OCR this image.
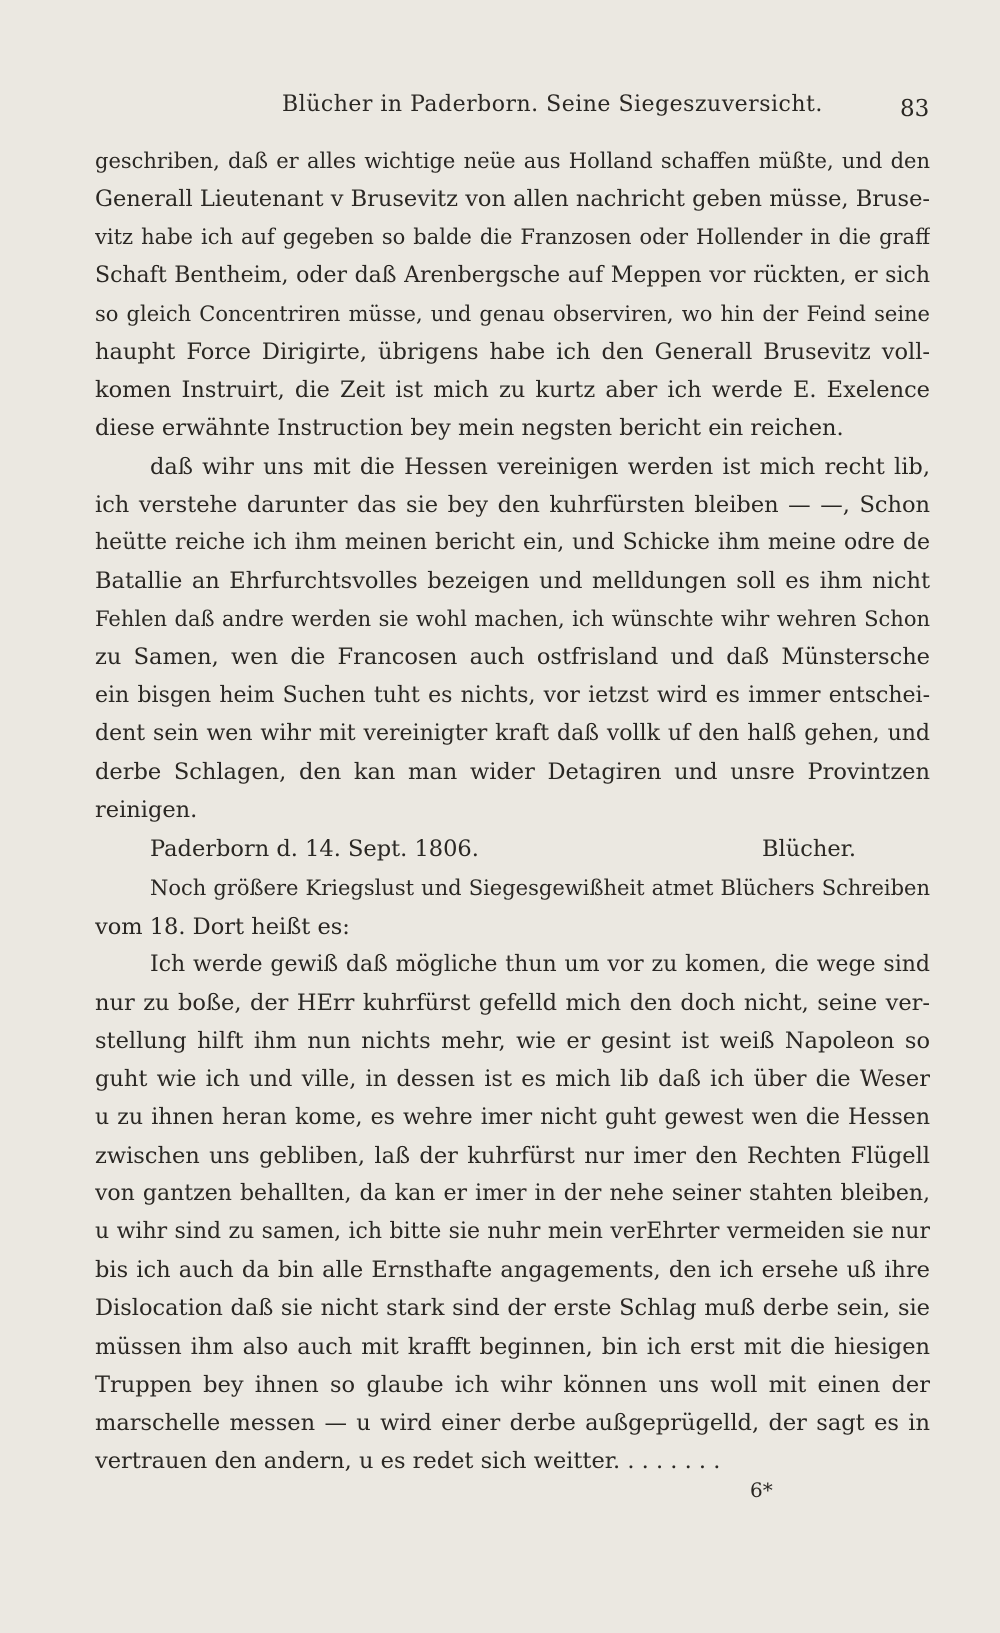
Blücher in Paderborn. Seine Siegeszuversicht.	83
geschriben, daß er alles wichtige neüe aus Holland schaffen müßte, und den
Generall Lieutenant v Brusevitz von allen nachricht geben müsse, Bruse-
vitz habe ich auf gegeben so balde die Franzosen oder Hollender in die graff
Schaft Bentheim, oder daß Arenbergsche auf Meppen vor rückten, er sich
so gleich Concentriren müsse, und genau observiren, wo hin der Feind seine
haupht Force Dirigirte, übrigens habe ich den Generall Brusevitz voll-
komen Instruirt, die Zeit ist mich zu kurtz aber ich werde E. Exelence
diese erwähnte Instruction bey mein negsten bericht ein reichen.
daß wihr uns mit die Hessen vereinigen werden ist mich recht lib,
ich verstehe darunter das sie bey den kuhrfürsten bleiben — —, Schon
heütte reiche ich ihm meinen bericht ein, und Schicke ihm meine odre de
Batallie an Ehrfurchtsvolles bezeigen und melldungen soll es ihm nicht
Fehlen daß andre werden sie wohl machen, ich wünschte wihr wehren Schon
zu Samen, wen die Francosen auch ostfrisland und daß Münstersche
ein bisgen heim Suchen tuht es nichts, vor ietzst wird es immer entschei-
dent sein wen wihr mit vereinigter kraft daß vollk uf den halß gehen, und
derbe Schlagen, den kan man wider Detagiren und unsre Provintzen
reinigen.
Paderborn d. 14. Sept. 1806.	Blücher.
Noch größere Kriegslust und Siegesgewißheit atmet Blüchers Schreiben
vom 18. Dort heißt es:
Ich werde gewiß daß mögliche thun um vor zu komen, die wege sind
nur zu boße, der HErr kuhrfürst gefelld mich den doch nicht, seine ver-
stellung hilft ihm nun nichts mehr, wie er gesint ist weiß Napoleon so
guht wie ich und ville, in dessen ist es mich lib daß ich über die Weser
u zu ihnen heran kome, es wehre imer nicht guht gewest wen die Hessen
zwischen uns gebliben, laß der kuhrfürst nur imer den Rechten Flügell
von gantzen behallten, da kan er imer in der nehe seiner stahten bleiben,
u wihr sind zu samen, ich bitte sie nuhr mein verEhrter vermeiden sie nur
bis ich auch da bin alle Ernsthafte angagements, den ich ersehe uß ihre
Dislocation daß sie nicht stark sind der erste Schlag muß derbe sein, sie
müssen ihm also auch mit krafft beginnen, bin ich erst mit die hiesigen
Truppen bey ihnen so glaube ich wihr können uns woll mit einen der
marschelle messen — u wird einer derbe außgeprügelld, der sagt es in
vertrauen den andern, u es redet sich weitter. . . . . . . .
6*
